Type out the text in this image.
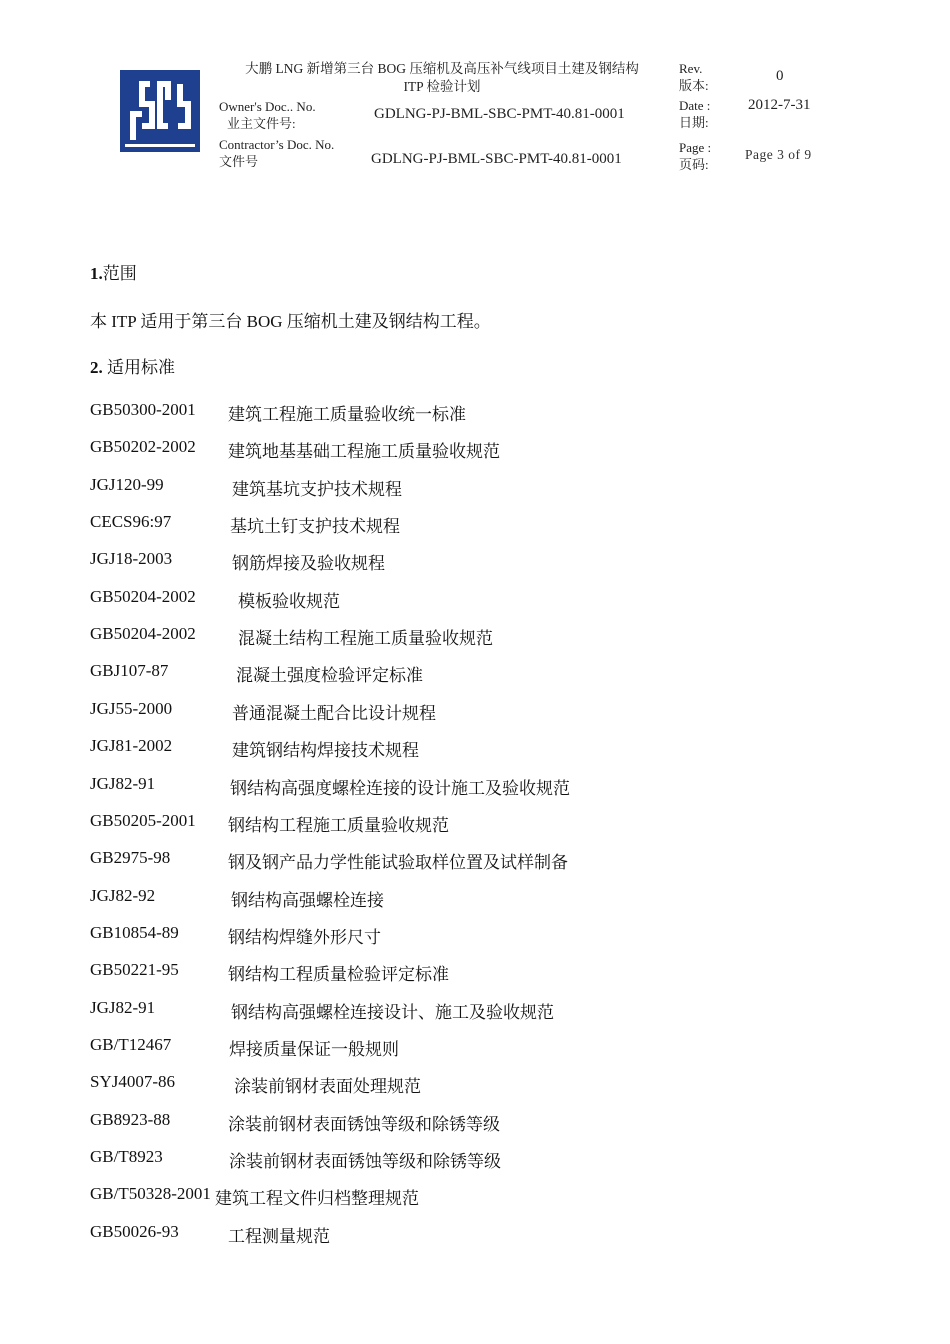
大鹏 LNG 新增第三台 BOG 压缩机及高压补气线项目土建及钢结构
ITP 检验计划
Owner's Doc.. No.
业主文件号:
GDLNG-PJ-BML-SBC-PMT-40.81-0001
Contractor’s Doc. No.
文件号	GDLNG-PJ-BML-SBC-PMT-40.81-0001
Rev.
版本:
0
Date :
日期:
2012-7-31
Page :
页码:
Page 3 of 9
1.范围
本 ITP 适用于第三台 BOG 压缩机土建及钢结构工程。
2. 适用标准
GB50300-2001 建筑工程施工质量验收统一标准
GB50202-2002 建筑地基基础工程施工质量验收规范
JGJ120-99	建筑基坑支护技术规程
CECS96:97	基坑土钉支护技术规程
JGJ18-2003	钢筋焊接及验收规程
GB50204-2002 模板验收规范
GB50204-2002 混凝土结构工程施工质量验收规范
GBJ107-87	混凝土强度检验评定标准
JGJ55-2000	普通混凝土配合比设计规程
JGJ81-2002	建筑钢结构焊接技术规程
JGJ82-91	钢结构高强度螺栓连接的设计施工及验收规范
GB50205-2001 钢结构工程施工质量验收规范
GB2975-98	钢及钢产品力学性能试验取样位置及试样制备
JGJ82-92	钢结构高强螺栓连接
GB10854-89	钢结构焊缝外形尺寸
GB50221-95	钢结构工程质量检验评定标准
JGJ82-91	钢结构高强螺栓连接设计、施工及验收规范
GB/T12467	焊接质量保证一般规则
SYJ4007-86	涂装前钢材表面处理规范
GB8923-88	涂装前钢材表面锈蚀等级和除锈等级
GB/T8923	涂装前钢材表面锈蚀等级和除锈等级
GB/T50328-2001 建筑工程文件归档整理规范
GB50026-93	工程测量规范
